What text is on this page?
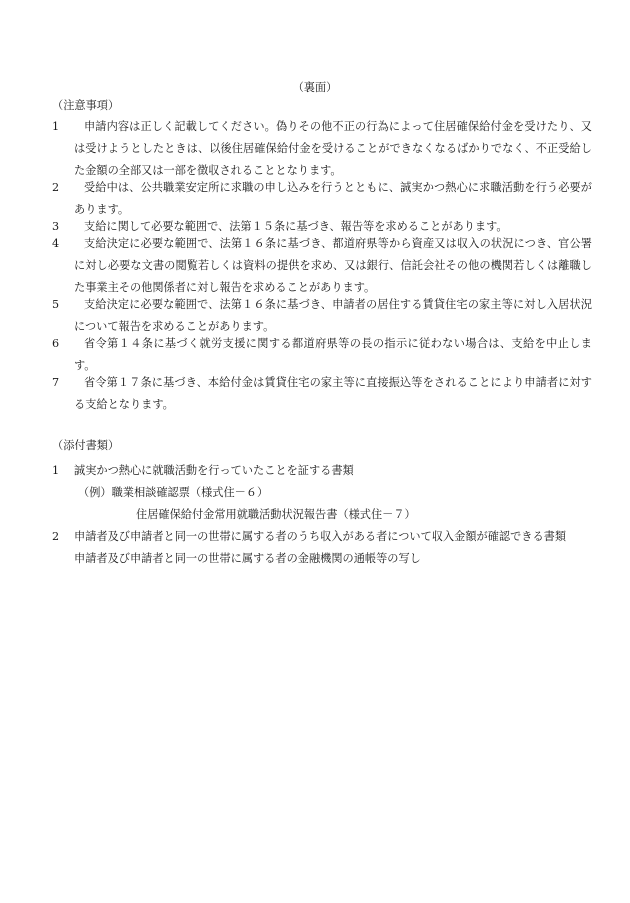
（裏面）
（注意事項）
1	申請内容は正しく記載してください。偽りその他不正の行為によって住居確保給付金を受けたり、又は受けようとしたときは、以後住居確保給付金を受けることができなくなるばかりでなく、不正受給した金額の全部又は一部を徴収されることとなります。
2	受給中は、公共職業安定所に求職の申し込みを行うとともに、誠実かつ熱心に求職活動を行う必要があります。
3	支給に関して必要な範囲で、法第１５条に基づき、報告等を求めることがあります。
4	支給決定に必要な範囲で、法第１６条に基づき、都道府県等から資産又は収入の状況につき、官公署に対し必要な文書の閲覧若しくは資料の提供を求め、又は銀行、信託会社その他の機関若しくは離職した事業主その他関係者に対し報告を求めることがあります。
5	支給決定に必要な範囲で、法第１６条に基づき、申請者の居住する賃貸住宅の家主等に対し入居状況について報告を求めることがあります。
6	省令第１４条に基づく就労支援に関する都道府県等の長の指示に従わない場合は、支給を中止します。
7	省令第１７条に基づき、本給付金は賃貸住宅の家主等に直接振込等をされることにより申請者に対する支給となります。
（添付書類）
1 誠実かつ熱心に就職活動を行っていたことを証する書類
（例）職業相談確認票（様式住－６）
住居確保給付金常用就職活動状況報告書（様式住－７）
2 申請者及び申請者と同一の世帯に属する者のうち収入がある者について収入金額が確認できる書類
申請者及び申請者と同一の世帯に属する者の金融機関の通帳等の写し
